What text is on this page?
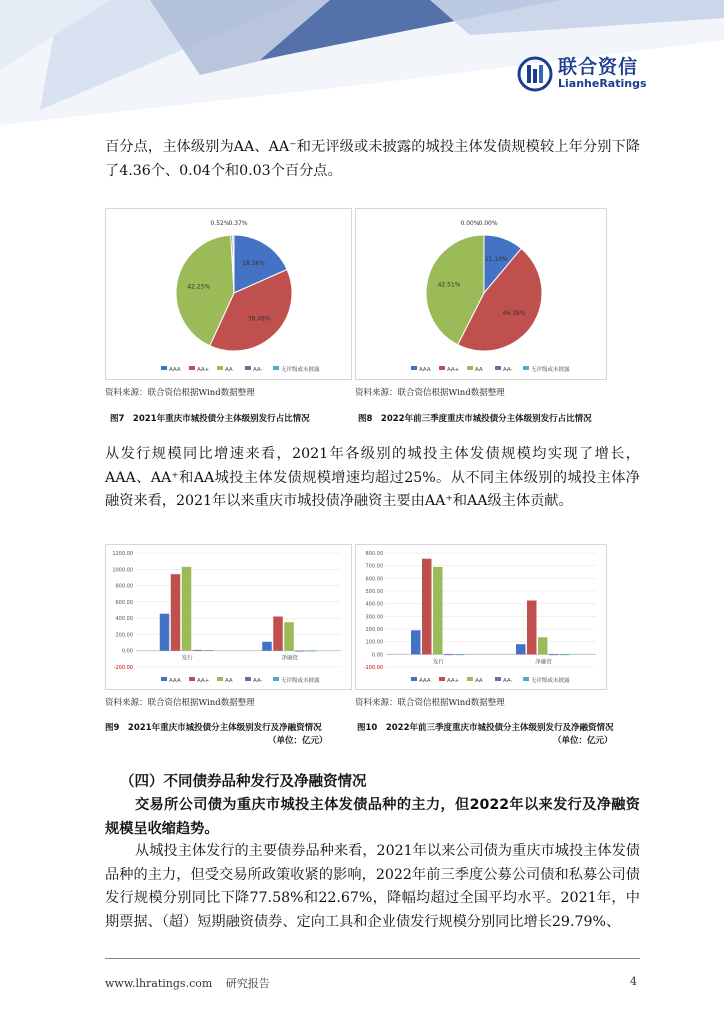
联合资信
LianheRatings

百分点，主体级别为AA、AA⁻和无评级或未披露的城投主体发债规模较上年分别下降了4.36个、0.04个和0.03个百分点。

18.36%
38.48%
42.25%
0.52%
0.37%
AAA	AA+	AA	AA-	无评级或未披露
11.10%
46.39%
42.51%
0.00%
0.00%
AAA	AA+	AA	AA-	无评级或未披露
资料来源：联合资信根据Wind数据整理	资料来源：联合资信根据Wind数据整理
图7　2021年重庆市城投债分主体级别发行占比情况	图8　2022年前三季度重庆市城投债分主体级别发行占比情况

从发行规模同比增速来看，2021年各级别的城投主体发债规模均实现了增长，AAA、AA⁺和AA城投主体发债规模增速均超过25%。从不同主体级别的城投主体净融资来看，2021年以来重庆市城投债净融资主要由AA⁺和AA级主体贡献。

-200.00
0.00
200.00
400.00
600.00
800.00
1000.00
1200.00
发行	净融资
AAA	AA+	AA	AA-	无评级或未披露
-100.00
0.00
100.00
200.00
300.00
400.00
500.00
600.00
700.00
800.00
发行	净融资
AAA	AA+	AA	AA-	无评级或未披露
资料来源：联合资信根据Wind数据整理	资料来源：联合资信根据Wind数据整理
图9　2021年重庆市城投债分主体级别发行及净融资情况	图10　2022年前三季度重庆市城投债分主体级别发行及净融资情况
（单位：亿元）	（单位：亿元）
（四）不同债券品种发行及净融资情况

交易所公司债为重庆市城投主体发债品种的主力，但2022年以来发行及净融资规模呈收缩趋势。

从城投主体发行的主要债券品种来看，2021年以来公司债为重庆市城投主体发债品种的主力，但受交易所政策收紧的影响，2022年前三季度公募公司债和私募公司债发行规模分别同比下降77.58%和22.67%，降幅均超过全国平均水平。2021年，中期票据、（超）短期融资债券、定向工具和企业债发行规模分别同比增长29.79%、

www.lhratings.com 研究报告	4
